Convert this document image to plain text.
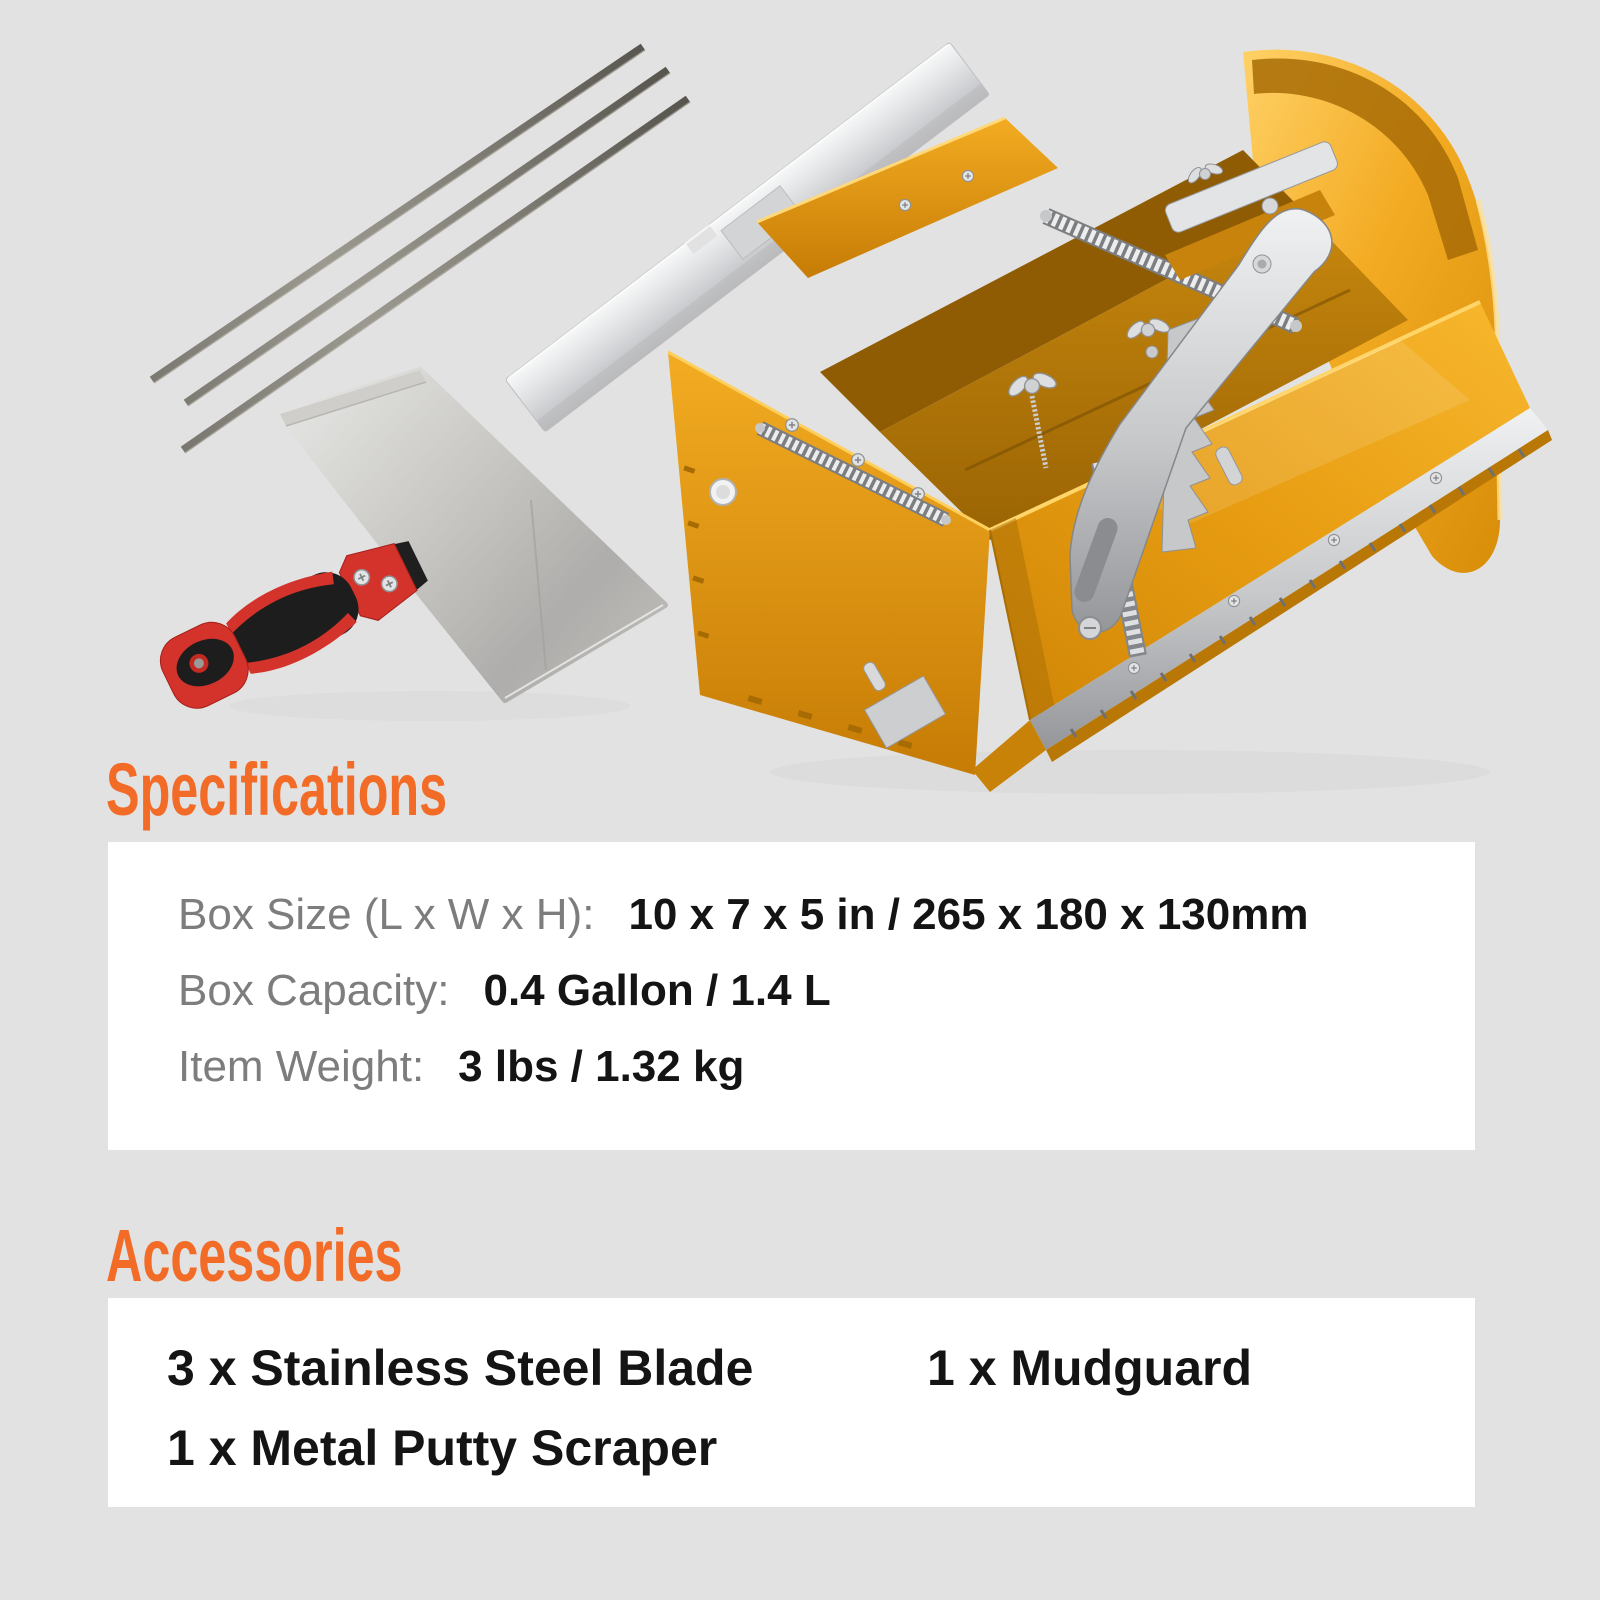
Specifications
Box Size (L x W x H): 10 x 7 x 5 in / 265 x 180 x 130mm
Box Capacity: 0.4 Gallon / 1.4 L
Item Weight: 3 lbs / 1.32 kg
Accessories
3 x Stainless Steel Blade	1 x Mudguard
1 x Metal Putty Scraper
